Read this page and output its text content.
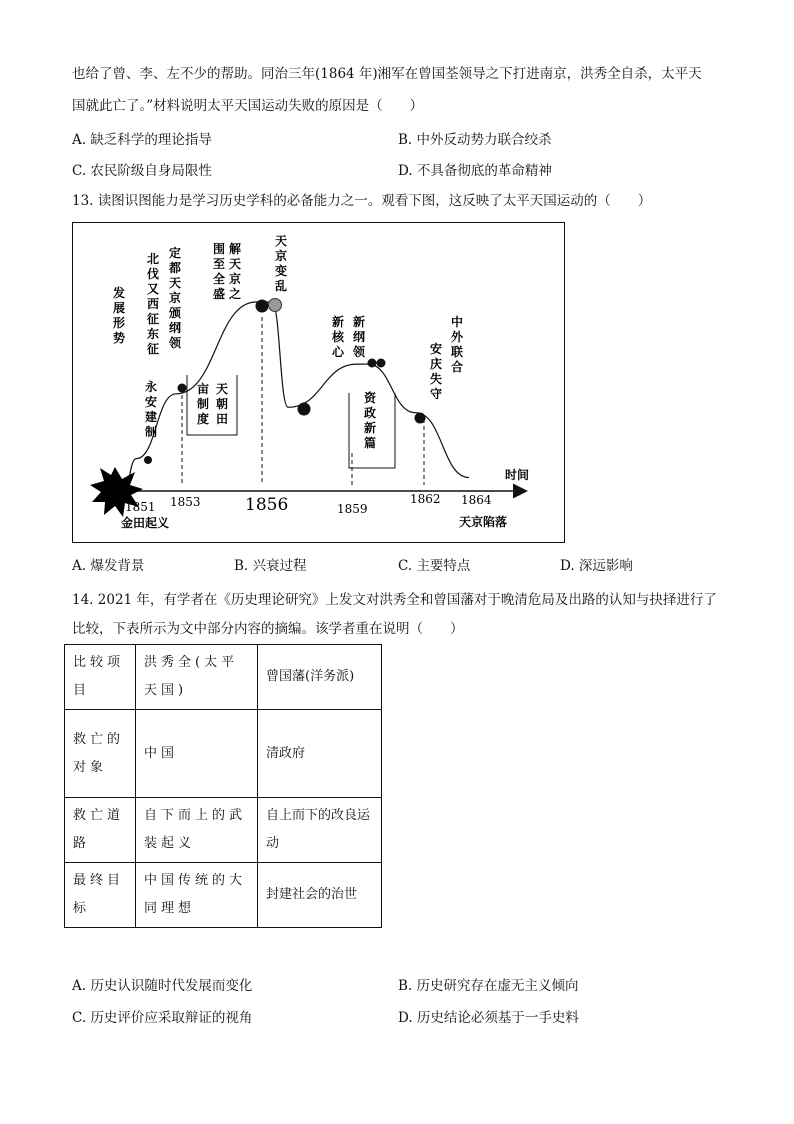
也给了曾、李、左不少的帮助。同治三年(1864 年)湘军在曾国荃领导之下打进南京，洪秀全自杀，太平天
国就此亡了。”材料说明太平天国运动失败的原因是（　　）
A. 缺乏科学的理论指导	B. 中外反动势力联合绞杀
C. 农民阶级自身局限性	D. 不具备彻底的革命精神
13. 读图识图能力是学习历史学科的必备能力之一。观看下图，这反映了太平天国运动的（　　）
1851 1853	1856	1859
1862 1864
时间
金田起义	天京陷落
发展形势
永安建制
北伐又西征
东征
定都天京颁纲领
亩制度
天朝田
围至全盛
解天京之
天京变乱
新核心
新纲领
资政新篇
安庆失守
中外联合
A. 爆发背景	B. 兴衰过程	C. 主要特点	D. 深远影响
14. 2021 年，有学者在《历史理论研究》上发文对洪秀全和曾国藩对于晚清危局及出路的认知与抉择进行了
比较，下表所示为文中部分内容的摘编。该学者重在说明（　　）
比较项目	洪秀全(太平天国)	曾国藩(洋务派)
救亡的对象	中国	清政府
救亡道路	自下而上的武装起义	自上而下的改良运动
最终目标	中国传统的大同理想	封建社会的治世
A. 历史认识随时代发展而变化	B. 历史研究存在虚无主义倾向
C. 历史评价应采取辩证的视角	D. 历史结论必须基于一手史料
